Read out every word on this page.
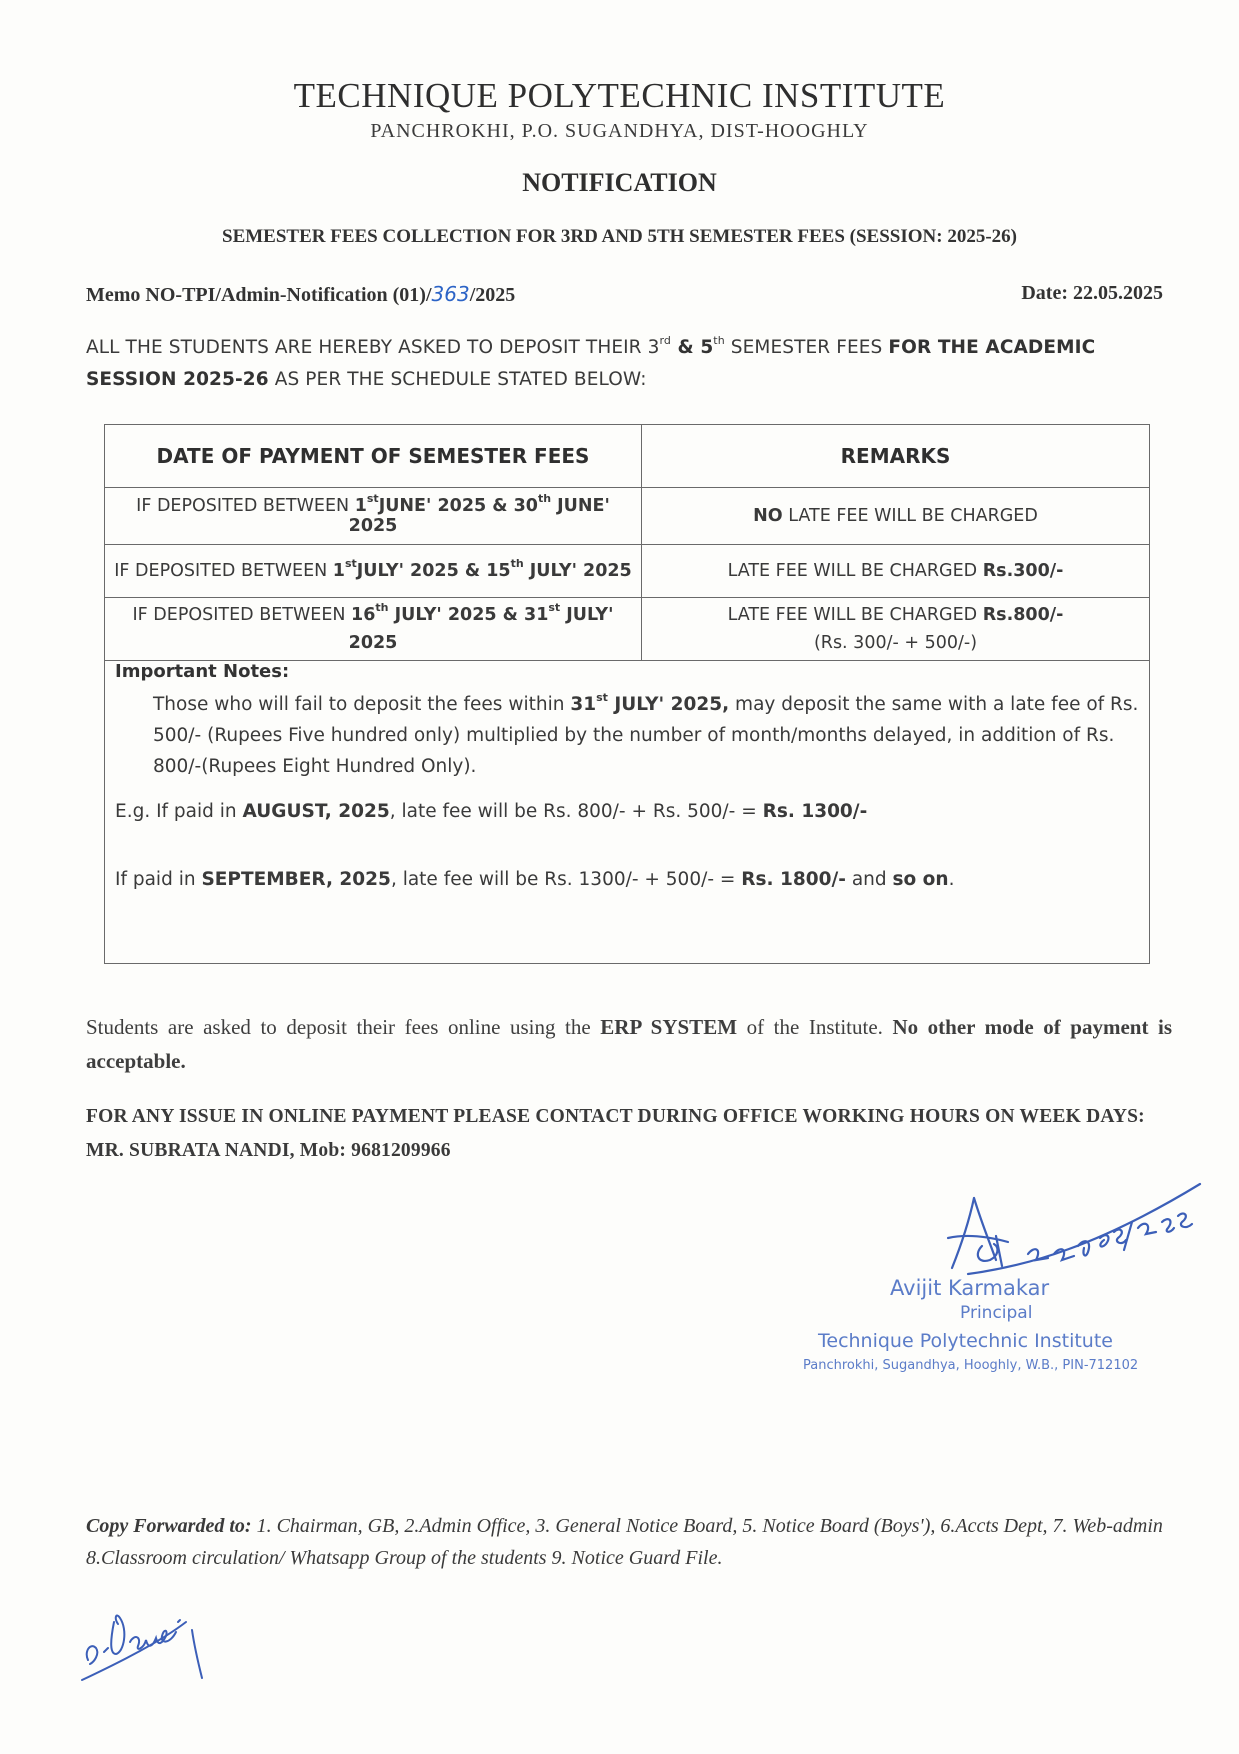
TECHNIQUE POLYTECHNIC INSTITUTE
PANCHROKHI, P.O. SUGANDHYA, DIST-HOOGHLY
NOTIFICATION
SEMESTER FEES COLLECTION FOR 3RD AND 5TH SEMESTER FEES (SESSION: 2025-26)
Memo NO-TPI/Admin-Notification (01)/363/2025	Date: 22.05.2025
ALL THE STUDENTS ARE HEREBY ASKED TO DEPOSIT THEIR 3rd & 5th SEMESTER FEES FOR THE ACADEMIC SESSION 2025-26 AS PER THE SCHEDULE STATED BELOW:
DATE OF PAYMENT OF SEMESTER FEES	REMARKS
IF DEPOSITED BETWEEN 1stJUNE' 2025 & 30th JUNE' 2025	NO LATE FEE WILL BE CHARGED
IF DEPOSITED BETWEEN 1stJULY' 2025 & 15th JULY' 2025	LATE FEE WILL BE CHARGED Rs.300/-
IF DEPOSITED BETWEEN 16th JULY' 2025 & 31st JULY' 2025	LATE FEE WILL BE CHARGED Rs.800/-
(Rs. 300/- + 500/-)
Important Notes:
Those who will fail to deposit the fees within 31st JULY' 2025, may deposit the same with a late fee of Rs. 500/- (Rupees Five hundred only) multiplied by the number of month/months delayed, in addition of Rs. 800/-(Rupees Eight Hundred Only).
E.g. If paid in AUGUST, 2025, late fee will be Rs. 800/- + Rs. 500/- = Rs. 1300/-
If paid in SEPTEMBER, 2025, late fee will be Rs. 1300/- + 500/- = Rs. 1800/- and so on.
Students are asked to deposit their fees online using the ERP SYSTEM of the Institute. No other mode of payment is acceptable.
FOR ANY ISSUE IN ONLINE PAYMENT PLEASE CONTACT DURING OFFICE WORKING HOURS ON WEEK DAYS: MR. SUBRATA NANDI, Mob: 9681209966
Avijit Karmakar
Principal
Technique Polytechnic Institute
Panchrokhi, Sugandhya, Hooghly, W.B., PIN-712102
Copy Forwarded to: 1. Chairman, GB, 2.Admin Office, 3. General Notice Board, 5. Notice Board (Boys'), 6.Accts Dept, 7. Web-admin 8.Classroom circulation/ Whatsapp Group of the students 9. Notice Guard File.
